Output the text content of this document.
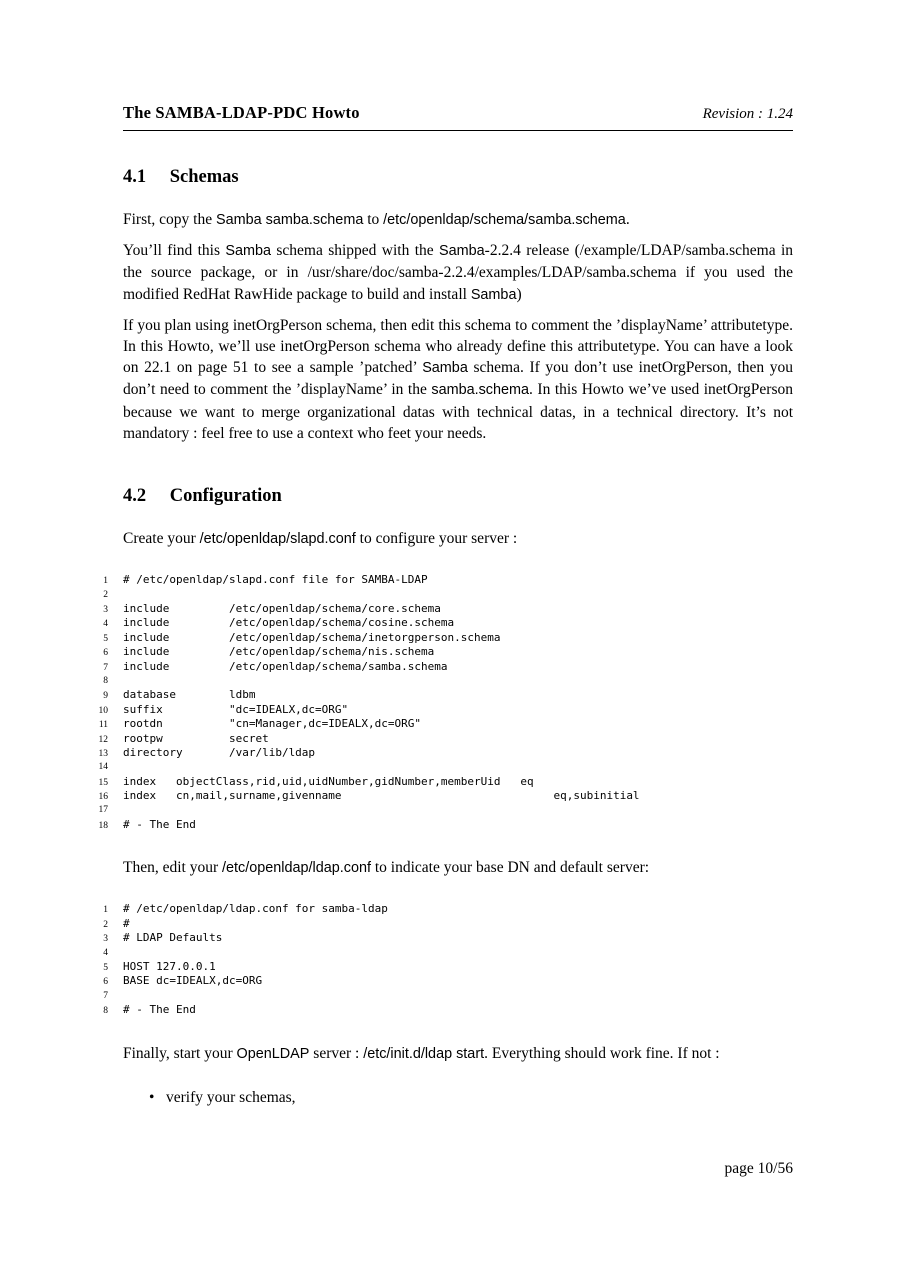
The SAMBA-LDAP-PDC Howto	Revision : 1.24
4.1 Schemas

First, copy the Samba samba.schema to /etc/openldap/schema/samba.schema.

You’ll find this Samba schema shipped with the Samba-2.2.4 release (/example/LDAP/samba.schema in the source package, or in /usr/share/doc/samba-2.2.4/examples/LDAP/samba.schema if you used the modified RedHat RawHide package to build and install Samba)

If you plan using inetOrgPerson schema, then edit this schema to comment the ’displayName’ attributetype. In this Howto, we’ll use inetOrgPerson schema who already define this attributetype. You can have a look on 22.1 on page 51 to see a sample ’patched’ Samba schema. If you don’t use inetOrgPerson, then you don’t need to comment the ’displayName’ in the samba.schema. In this Howto we’ve used inetOrgPerson because we want to merge organizational datas with technical datas, in a technical directory. It’s not mandatory : feel free to use a context who feet your needs.

4.2 Configuration

Create your /etc/openldap/slapd.conf to configure your server :

1	# /etc/openldap/slapd.conf file for SAMBA-LDAP
2
3	include         /etc/openldap/schema/core.schema
4	include         /etc/openldap/schema/cosine.schema
5	include         /etc/openldap/schema/inetorgperson.schema
6	include         /etc/openldap/schema/nis.schema
7	include         /etc/openldap/schema/samba.schema
8
9	database        ldbm
10	suffix          "dc=IDEALX,dc=ORG"
11	rootdn          "cn=Manager,dc=IDEALX,dc=ORG"
12	rootpw          secret
13	directory       /var/lib/ldap
14
15	index   objectClass,rid,uid,uidNumber,gidNumber,memberUid   eq
16	index   cn,mail,surname,givenname                                eq,subinitial
17
18	# - The End

Then, edit your /etc/openldap/ldap.conf to indicate your base DN and default server:

1	# /etc/openldap/ldap.conf for samba-ldap
2	#
3	# LDAP Defaults
4
5	HOST 127.0.0.1
6	BASE dc=IDEALX,dc=ORG
7
8	# - The End

Finally, start your OpenLDAP server : /etc/init.d/ldap start. Everything should work fine. If not :

• verify your schemas,
page 10/56
